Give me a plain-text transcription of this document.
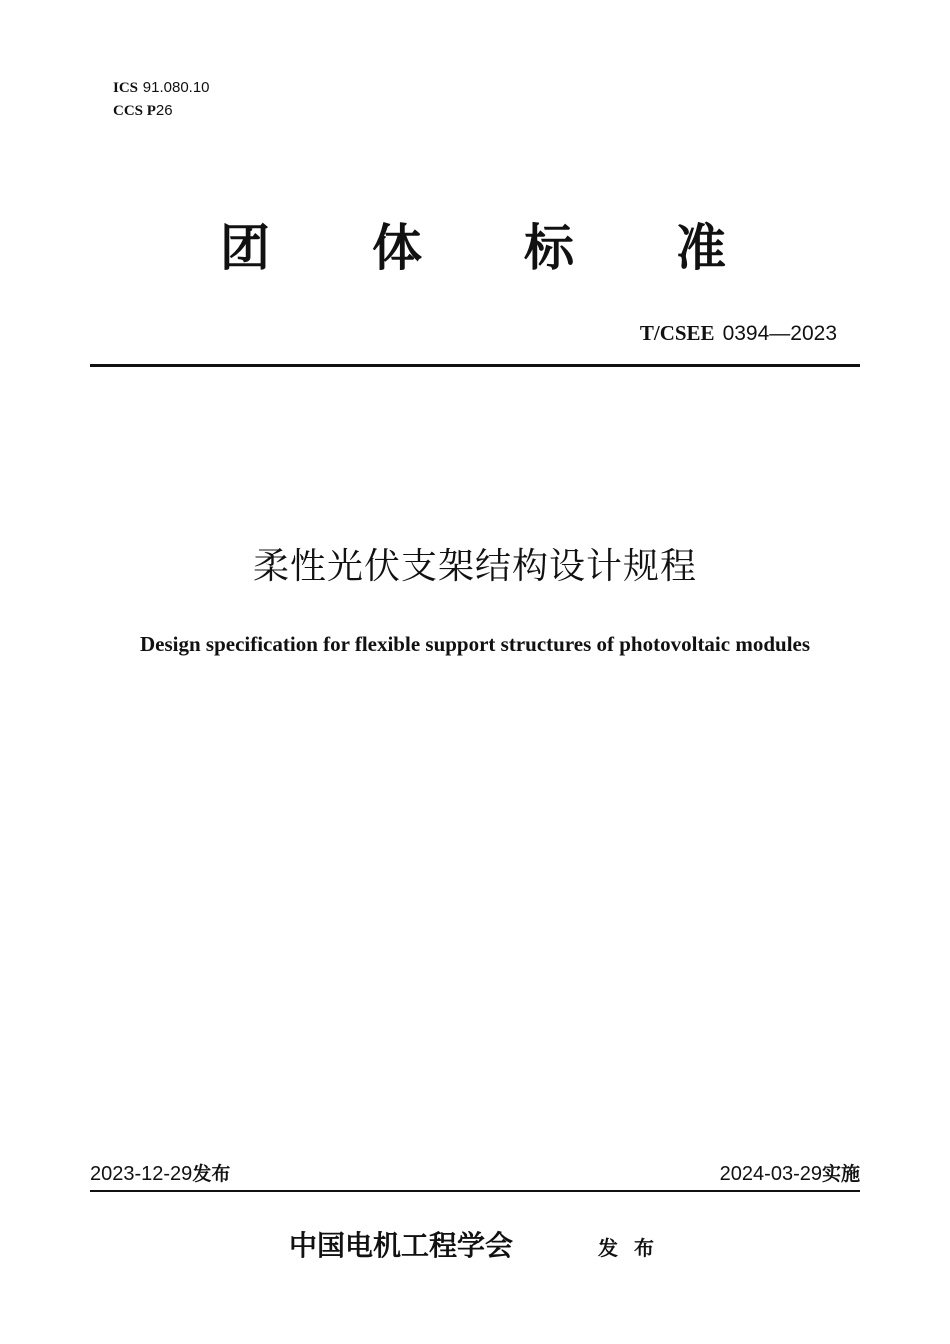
ICS 91.080.10
CCS P26
团 体 标 准
T/CSEE 0394—2023
柔性光伏支架结构设计规程
Design specification for flexible support structures of photovoltaic modules
2023-12-29发布	2024-03-29实施
中国电机工程学会	发布
